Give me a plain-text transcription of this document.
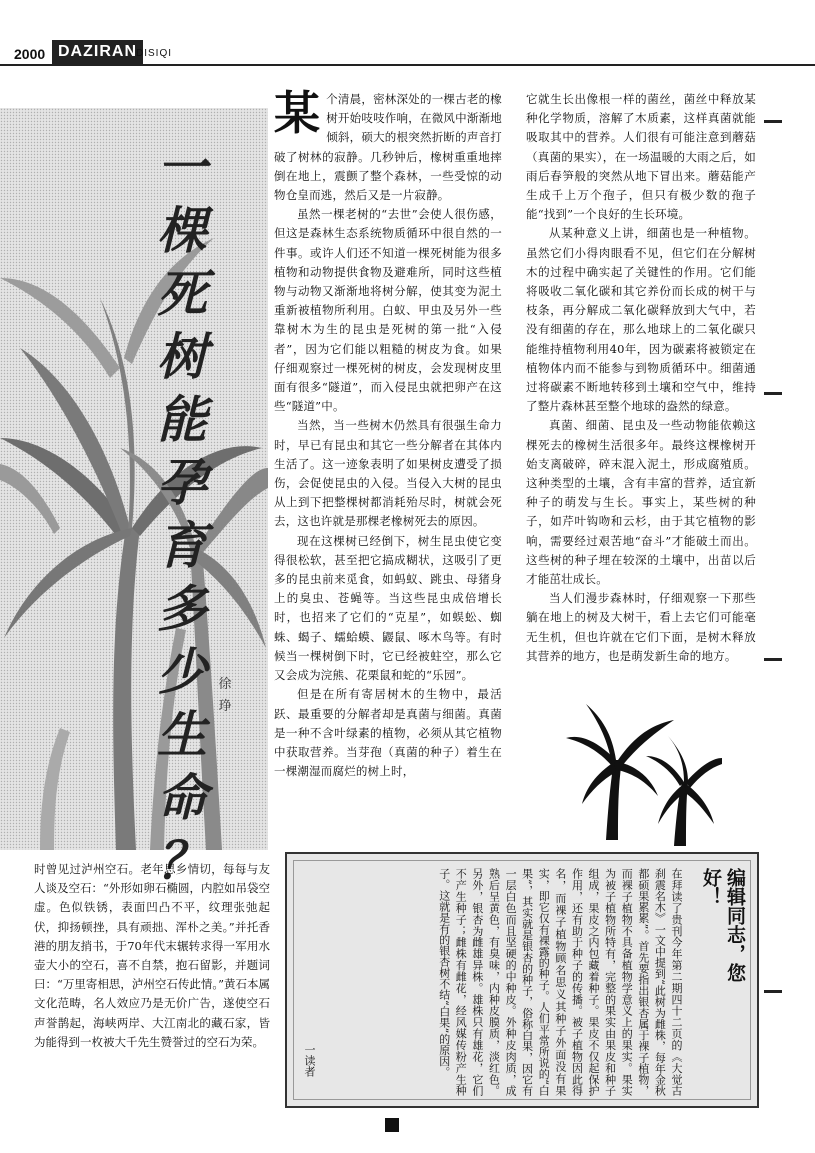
2000 DAZIRAN DISIQI
一
棵
死
树
能
孕
育
多
少
生
命
？
徐
琤

某个清晨，密林深处的一棵古老的橡树开始吱吱作响，在微风中渐渐地倾斜，硕大的根突然折断的声音打破了树林的寂静。几秒钟后，橡树重重地摔倒在地上，震颤了整个森林，一些受惊的动物仓皇而逃，然后又是一片寂静。

虽然一棵老树的“去世”会使人很伤感，但这是森林生态系统物质循环中很自然的一件事。或许人们还不知道一棵死树能为很多植物和动物提供食物及避难所，同时这些植物与动物又渐渐地将树分解，使其变为泥土重新被植物所利用。白蚁、甲虫及另外一些靠树木为生的昆虫是死树的第一批“入侵者”，因为它们能以粗糙的树皮为食。如果仔细观察过一棵死树的树皮，会发现树皮里面有很多“隧道”，而入侵昆虫就把卵产在这些“隧道”中。

当然，当一些树木仍然具有很强生命力时，早已有昆虫和其它一些分解者在其体内生活了。这一迹象表明了如果树皮遭受了损伤，会促使昆虫的入侵。当侵入大树的昆虫从上到下把整棵树都消耗殆尽时，树就会死去，这也许就是那棵老橡树死去的原因。

现在这棵树已经倒下，树生昆虫使它变得很松软，甚至把它搞成糊状，这吸引了更多的昆虫前来觅食，如蚂蚁、跳虫、母猪身上的臭虫、苍蝇等。当这些昆虫成倍增长时，也招来了它们的“克星”，如蜈蚣、蜘蛛、蝎子、蠕蛤蟆、鼹鼠、啄木鸟等。有时候当一棵树倒下时，它已经被蛀空，那么它又会成为浣熊、花栗鼠和蛇的“乐园”。

但是在所有寄居树木的生物中，最活跃、最重要的分解者却是真菌与细菌。真菌是一种不含叶绿素的植物，必须从其它植物中获取营养。当芽孢（真菌的种子）着生在一棵潮湿而腐烂的树上时，

它就生长出像根一样的菌丝，菌丝中释放某种化学物质，溶解了木质素，这样真菌就能吸取其中的营养。人们很有可能注意到蘑菇（真菌的果实），在一场温暖的大雨之后，如雨后春笋般的突然从地下冒出来。蘑菇能产生成千上万个孢子，但只有极少数的孢子能“找到”一个良好的生长环境。

从某种意义上讲，细菌也是一种植物。虽然它们小得肉眼看不见，但它们在分解树木的过程中确实起了关键性的作用。它们能将吸收二氧化碳和其它养份而长成的树干与枝条，再分解成二氧化碳释放到大气中，若没有细菌的存在，那么地球上的二氧化碳只能维持植物利用40年，因为碳素将被锁定在植物体内而不能参与到物质循环中。细菌通过将碳素不断地转移到土壤和空气中，维持了整片森林甚至整个地球的盎然的绿意。

真菌、细菌、昆虫及一些动物能依赖这棵死去的橡树生活很多年。最终这棵橡树开始支离破碎，碎末混入泥土，形成腐殖质。这种类型的土壤，含有丰富的营养，适宜新种子的萌发与生长。事实上，某些树的种子，如芹叶钩吻和云杉，由于其它植物的影响，需要经过艰苦地“奋斗”才能破土而出。这些树的种子埋在较深的土壤中，出苗以后才能茁壮成长。

当人们漫步森林时，仔细观察一下那些躺在地上的树及大树干，看上去它们可能毫无生机，但也许就在它们下面，是树木释放其营养的地方，也是萌发新生命的地方。

时曾见过泸州空石。老年思乡情切，每每与友人谈及空石：“外形如卵石椭圆，内腔如吊袋空虚。色似铁锈，表面凹凸不平，纹理张弛起伏，抑扬顿挫，具有顽拙、浑朴之美。”并托香港的朋友捎书，于70年代末辗转求得一军用水壶大小的空石，喜不自禁，抱石留影，并题词曰：“万里寄相思，泸州空石传此情。”黄石本属文化范畴，名人效应乃是无价广告，遂使空石声誉鹊起，海峡两岸、大江南北的藏石家，皆为能得到一枚被大千先生赞誉过的空石为荣。
编辑同志，您好！
在拜读了贵刊今年第二期四十二页的《大觉古刹震名木》一文中提到“此树为雌株，每年金秋都硕果累累”。首先要指出银杏属于裸子植物，而裸子植物不具备植物学意义上的果实。果实为被子植物所特有，完整的果实由果皮和种子组成，果皮之内包藏着种子。果皮不仅起保护作用，还有助于种子的传播。被子植物因此得名，而裸子植物顾名思义其种子外面没有果实，即它仅有裸露的种子。人们平常所说的“白果”，其实就是银杏的种子，俗称白果，因它有一层白色而且坚硬的中种皮。外种皮肉质，成熟后呈黄色，有臭味，内种皮膜质，淡红色。另外，银杏为雌雄异株。雄株只有雄花，它们不产生种子；雌株有雌花，经风媒传粉产生种子。这就是有的银杏树不结“白果”的原因。
一读者
